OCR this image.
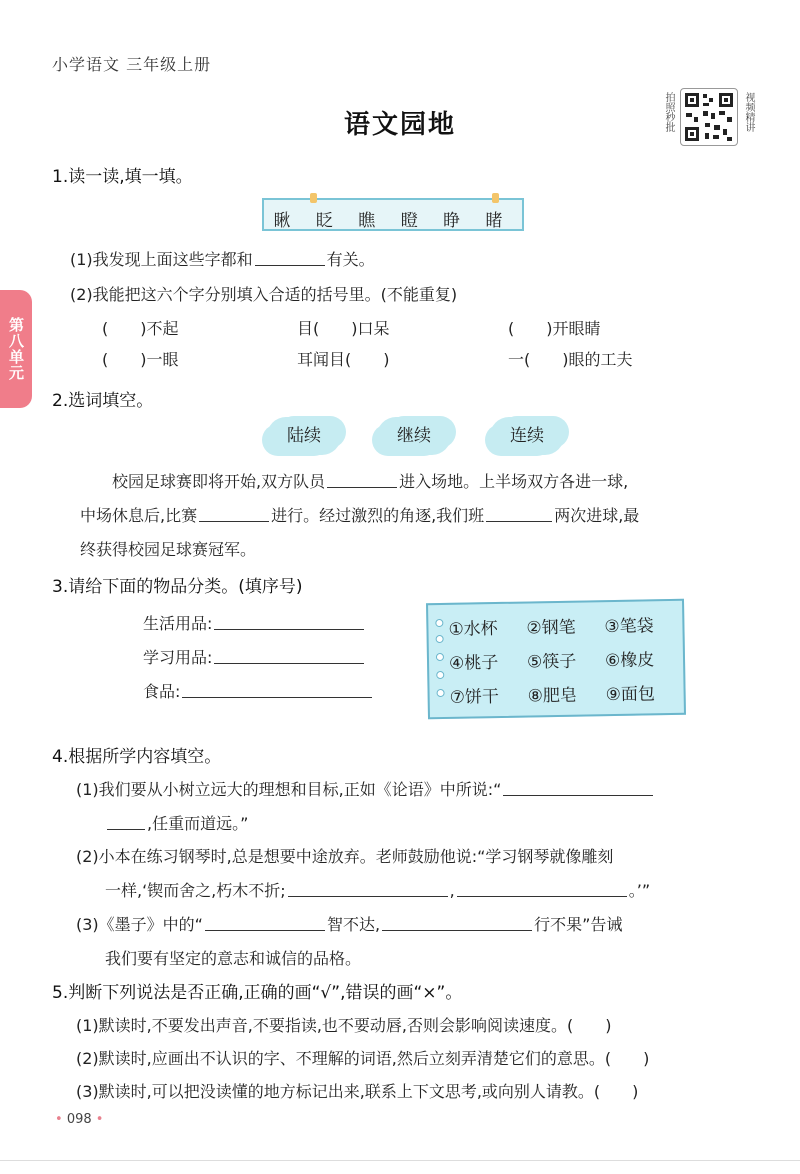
小学语文 三年级上册
拍照秒批	视频精讲
语文园地
第八单元
1.读一读,填一填。
瞅 眨 瞧 瞪 睁 睹
(1)我发现上面这些字都和	有关。
(2)我能把这六个字分别填入合适的括号里。(不能重复)
(　　)不起	目(　　)口呆	(　　)开眼睛
(　　)一眼	耳闻目(　　)	一(　　)眼的工夫
2.选词填空。
陆续	继续	连续
校园足球赛即将开始,双方队员	进入场地。上半场双方各进一球,
中场休息后,比赛	进行。经过激烈的角逐,我们班	两次进球,最
终获得校园足球赛冠军。
3.请给下面的物品分类。(填序号)
生活用品:
学习用品:
食品:
①水杯 ②钢笔 ③笔袋
④桃子 ⑤筷子 ⑥橡皮
⑦饼干 ⑧肥皂 ⑨面包
4.根据所学内容填空。
(1)我们要从小树立远大的理想和目标,正如《论语》中所说:“
,任重而道远。”
(2)小本在练习钢琴时,总是想要中途放弃。老师鼓励他说:“学习钢琴就像雕刻
一样,‘锲而舍之,朽木不折;	,	。’”
(3)《墨子》中的“	智不达,	行不果”告诫
我们要有坚定的意志和诚信的品格。
5.判断下列说法是否正确,正确的画“√”,错误的画“×”。
(1)默读时,不要发出声音,不要指读,也不要动唇,否则会影响阅读速度。(　　)
(2)默读时,应画出不认识的字、不理解的词语,然后立刻弄清楚它们的意思。(　　)
(3)默读时,可以把没读懂的地方标记出来,联系上下文思考,或向别人请教。(　　)
• 098 •
